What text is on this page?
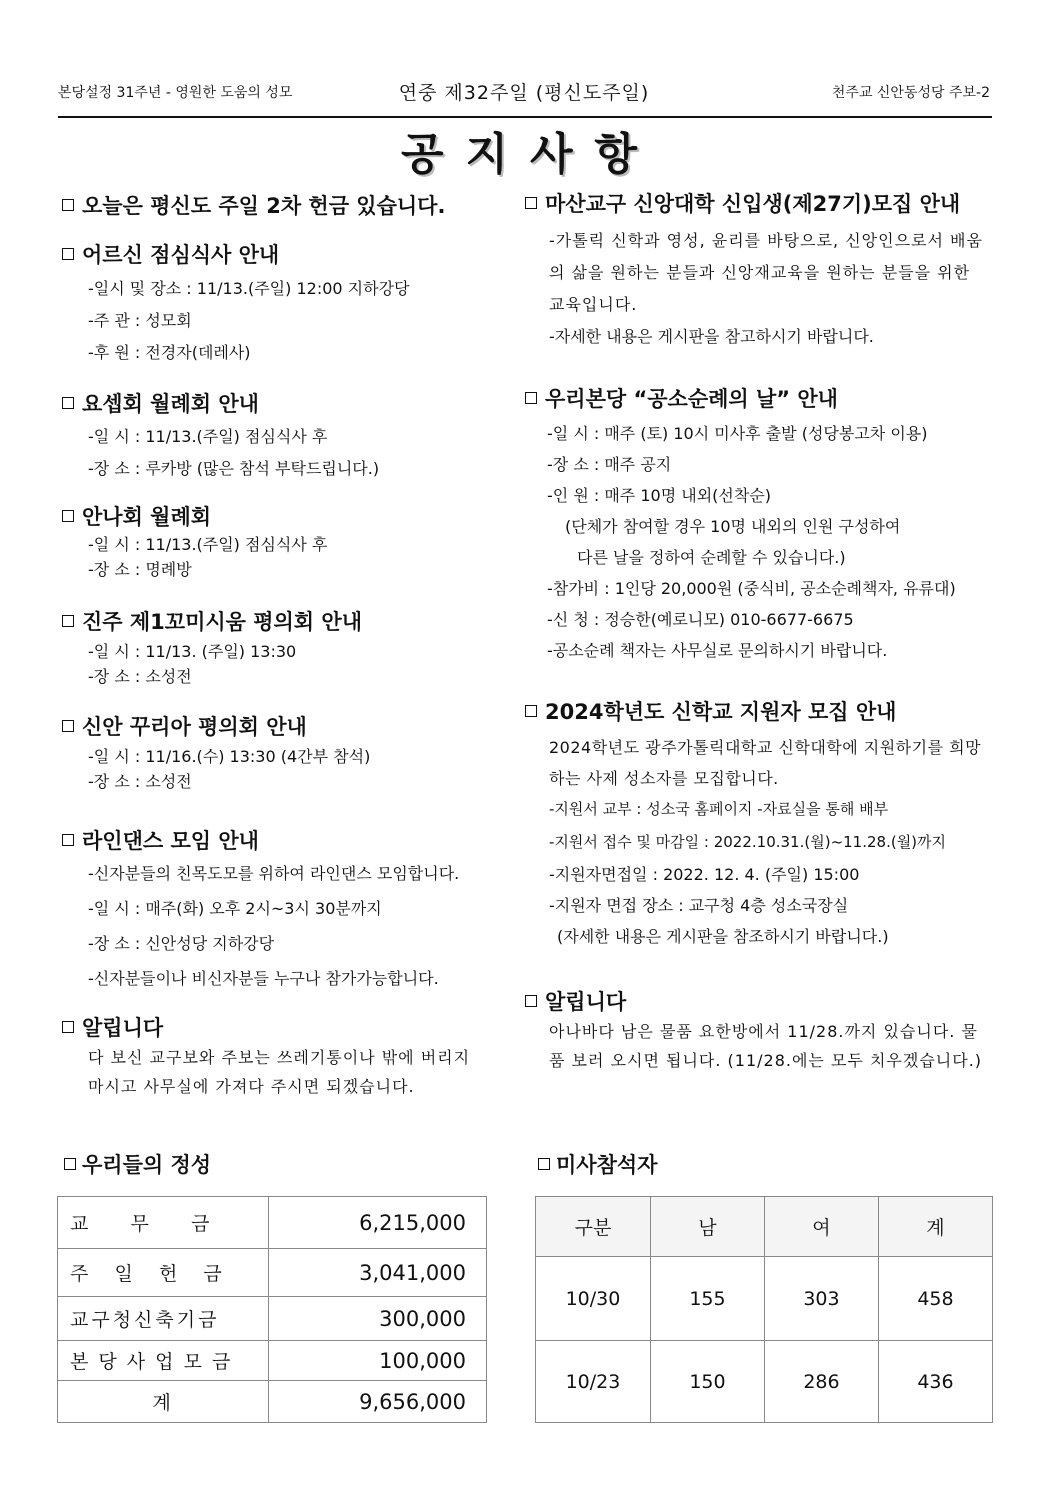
본당설정 31주년 - 영원한 도움의 성모	연중 제32주일 (평신도주일)	천주교 신안동성당 주보-2
공지사항
오늘은 평신도 주일 2차 헌금 있습니다.
어르신 점심식사 안내
-일시 및 장소 : 11/13.(주일) 12:00 지하강당
-주 관 : 성모회
-후 원 : 전경자(데레사)
요셉회 월례회 안내
-일 시 : 11/13.(주일) 점심식사 후
-장 소 : 루카방 (많은 참석 부탁드립니다.)
안나회 월례회
-일 시 : 11/13.(주일) 점심식사 후
-장 소 : 명례방
진주 제1꼬미시움 평의회 안내
-일 시 : 11/13. (주일) 13:30
-장 소 : 소성전
신안 꾸리아 평의회 안내
-일 시 : 11/16.(수) 13:30 (4간부 참석)
-장 소 : 소성전
라인댄스 모임 안내
-신자분들의 친목도모를 위하여 라인댄스 모임합니다.
-일 시 : 매주(화) 오후 2시~3시 30분까지
-장 소 : 신안성당 지하강당
-신자분들이나 비신자분들 누구나 참가가능합니다.
알립니다
다 보신 교구보와 주보는 쓰레기통이나 밖에 버리지 마시고 사무실에 가져다 주시면 되겠습니다.
마산교구 신앙대학 신입생(제27기)모집 안내
-가톨릭 신학과 영성, 윤리를 바탕으로, 신앙인으로서 배움의 삶을 원하는 분들과 신앙재교육을 원하는 분들을 위한 교육입니다.
-자세한 내용은 게시판을 참고하시기 바랍니다.
우리본당 “공소순례의 날” 안내
-일 시 : 매주 (토) 10시 미사후 출발 (성당봉고차 이용)
-장 소 : 매주 공지
-인 원 : 매주 10명 내외(선착순)
(단체가 참여할 경우 10명 내외의 인원 구성하여
다른 날을 정하여 순례할 수 있습니다.)
-참가비 : 1인당 20,000원 (중식비, 공소순례책자, 유류대)
-신 청 : 정승한(예로니모) 010-6677-6675
-공소순례 책자는 사무실로 문의하시기 바랍니다.
2024학년도 신학교 지원자 모집 안내
2024학년도 광주가톨릭대학교 신학대학에 지원하기를 희망하는 사제 성소자를 모집합니다.
-지원서 교부 : 성소국 홈페이지 -자료실을 통해 배부
-지원서 접수 및 마감일 : 2022.10.31.(월)~11.28.(월)까지
-지원자면접일 : 2022. 12. 4. (주일) 15:00
-지원자 면접 장소 : 교구청 4층 성소국장실
(자세한 내용은 게시판을 참조하시기 바랍니다.)
알립니다
아나바다 남은 물품 요한방에서 11/28.까지 있습니다. 물품 보러 오시면 됩니다. (11/28.에는 모두 치우겠습니다.)
우리들의 정성
교     무     금	6,215,000
주   일   헌   금	3,041,000
교구청신축기금	300,000
본 당 사 업 모 금	100,000
계	9,656,000
미사참석자
구분	남	여	계
10/30	155	303	458
10/23	150	286	436
